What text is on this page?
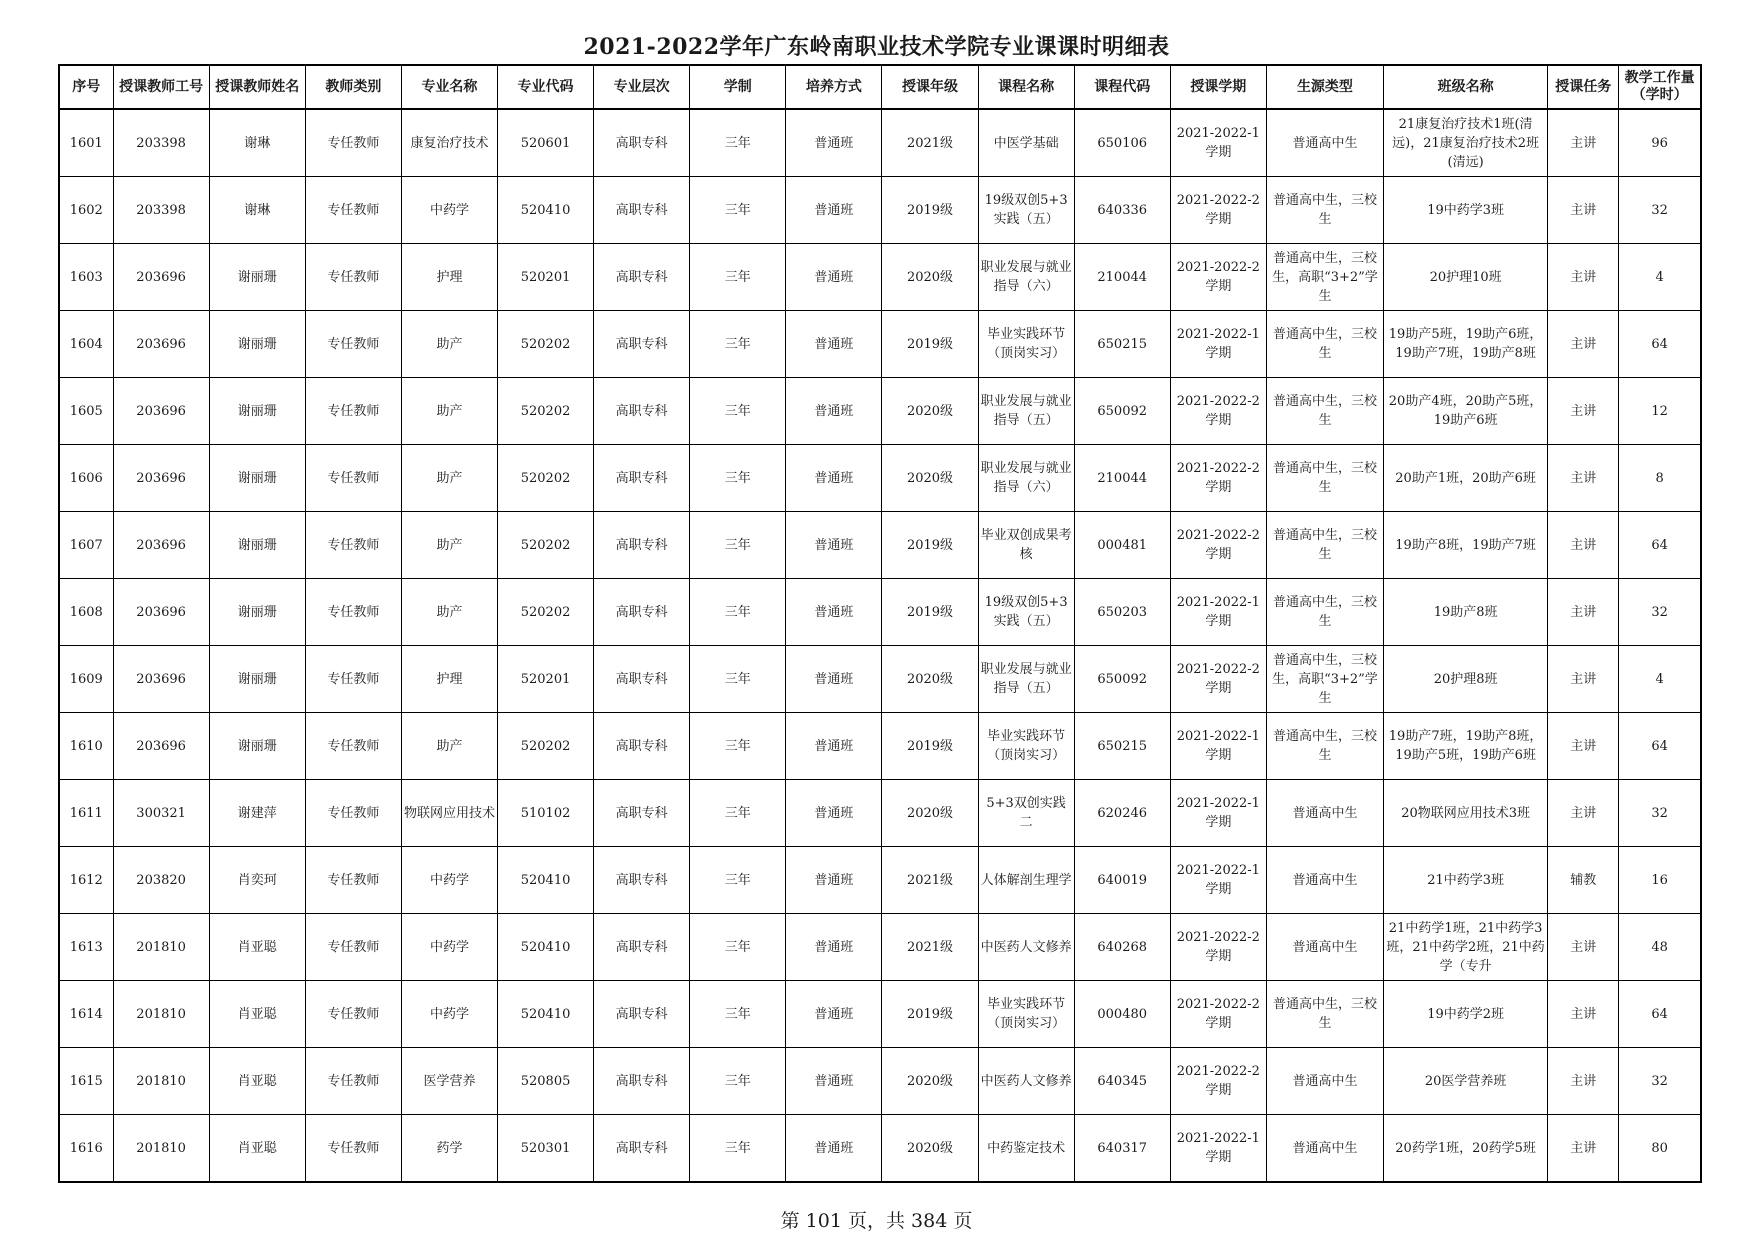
2021-2022学年广东岭南职业技术学院专业课课时明细表
序号	授课教师工号	授课教师姓名	教师类别	专业名称	专业代码	专业层次	学制	培养方式	授课年级	课程名称	课程代码	授课学期	生源类型	班级名称	授课任务	教学工作量（学时）

1601	203398	谢琳	专任教师	康复治疗技术	520601	高职专科	三年	普通班	2021级	中医学基础	650106	2021-2022-1学期	普通高中生	21康复治疗技术1班(清远)，21康复治疗技术2班(清远)	主讲	96

1602	203398	谢琳	专任教师	中药学	520410	高职专科	三年	普通班	2019级	19级双创5+3实践（五）	640336	2021-2022-2学期	普通高中生，三校生	19中药学3班	主讲	32

1603	203696	谢丽珊	专任教师	护理	520201	高职专科	三年	普通班	2020级	职业发展与就业指导（六）	210044	2021-2022-2学期	普通高中生，三校生，高职“3+2”学生	20护理10班	主讲	4

1604	203696	谢丽珊	专任教师	助产	520202	高职专科	三年	普通班	2019级	毕业实践环节（顶岗实习）	650215	2021-2022-1学期	普通高中生，三校生	19助产5班，19助产6班，19助产7班，19助产8班	主讲	64

1605	203696	谢丽珊	专任教师	助产	520202	高职专科	三年	普通班	2020级	职业发展与就业指导（五）	650092	2021-2022-2学期	普通高中生，三校生	20助产4班，20助产5班，19助产6班	主讲	12

1606	203696	谢丽珊	专任教师	助产	520202	高职专科	三年	普通班	2020级	职业发展与就业指导（六）	210044	2021-2022-2学期	普通高中生，三校生	20助产1班，20助产6班	主讲	8

1607	203696	谢丽珊	专任教师	助产	520202	高职专科	三年	普通班	2019级	毕业双创成果考核	000481	2021-2022-2学期	普通高中生，三校生	19助产8班，19助产7班	主讲	64

1608	203696	谢丽珊	专任教师	助产	520202	高职专科	三年	普通班	2019级	19级双创5+3实践（五）	650203	2021-2022-1学期	普通高中生，三校生	19助产8班	主讲	32

1609	203696	谢丽珊	专任教师	护理	520201	高职专科	三年	普通班	2020级	职业发展与就业指导（五）	650092	2021-2022-2学期	普通高中生，三校生，高职“3+2”学生	20护理8班	主讲	4

1610	203696	谢丽珊	专任教师	助产	520202	高职专科	三年	普通班	2019级	毕业实践环节（顶岗实习）	650215	2021-2022-1学期	普通高中生，三校生	19助产7班，19助产8班，19助产5班，19助产6班	主讲	64

1611	300321	谢建萍	专任教师	物联网应用技术	510102	高职专科	三年	普通班	2020级	5+3双创实践二	620246	2021-2022-1学期	普通高中生	20物联网应用技术3班	主讲	32

1612	203820	肖奕珂	专任教师	中药学	520410	高职专科	三年	普通班	2021级	人体解剖生理学	640019	2021-2022-1学期	普通高中生	21中药学3班	辅教	16

1613	201810	肖亚聪	专任教师	中药学	520410	高职专科	三年	普通班	2021级	中医药人文修养	640268	2021-2022-2学期	普通高中生	21中药学1班，21中药学3班，21中药学2班，21中药学（专升	主讲	48

1614	201810	肖亚聪	专任教师	中药学	520410	高职专科	三年	普通班	2019级	毕业实践环节（顶岗实习）	000480	2021-2022-2学期	普通高中生，三校生	19中药学2班	主讲	64

1615	201810	肖亚聪	专任教师	医学营养	520805	高职专科	三年	普通班	2020级	中医药人文修养	640345	2021-2022-2学期	普通高中生	20医学营养班	主讲	32

1616	201810	肖亚聪	专任教师	药学	520301	高职专科	三年	普通班	2020级	中药鉴定技术	640317	2021-2022-1学期	普通高中生	20药学1班，20药学5班	主讲	80
第 101 页，共 384 页
